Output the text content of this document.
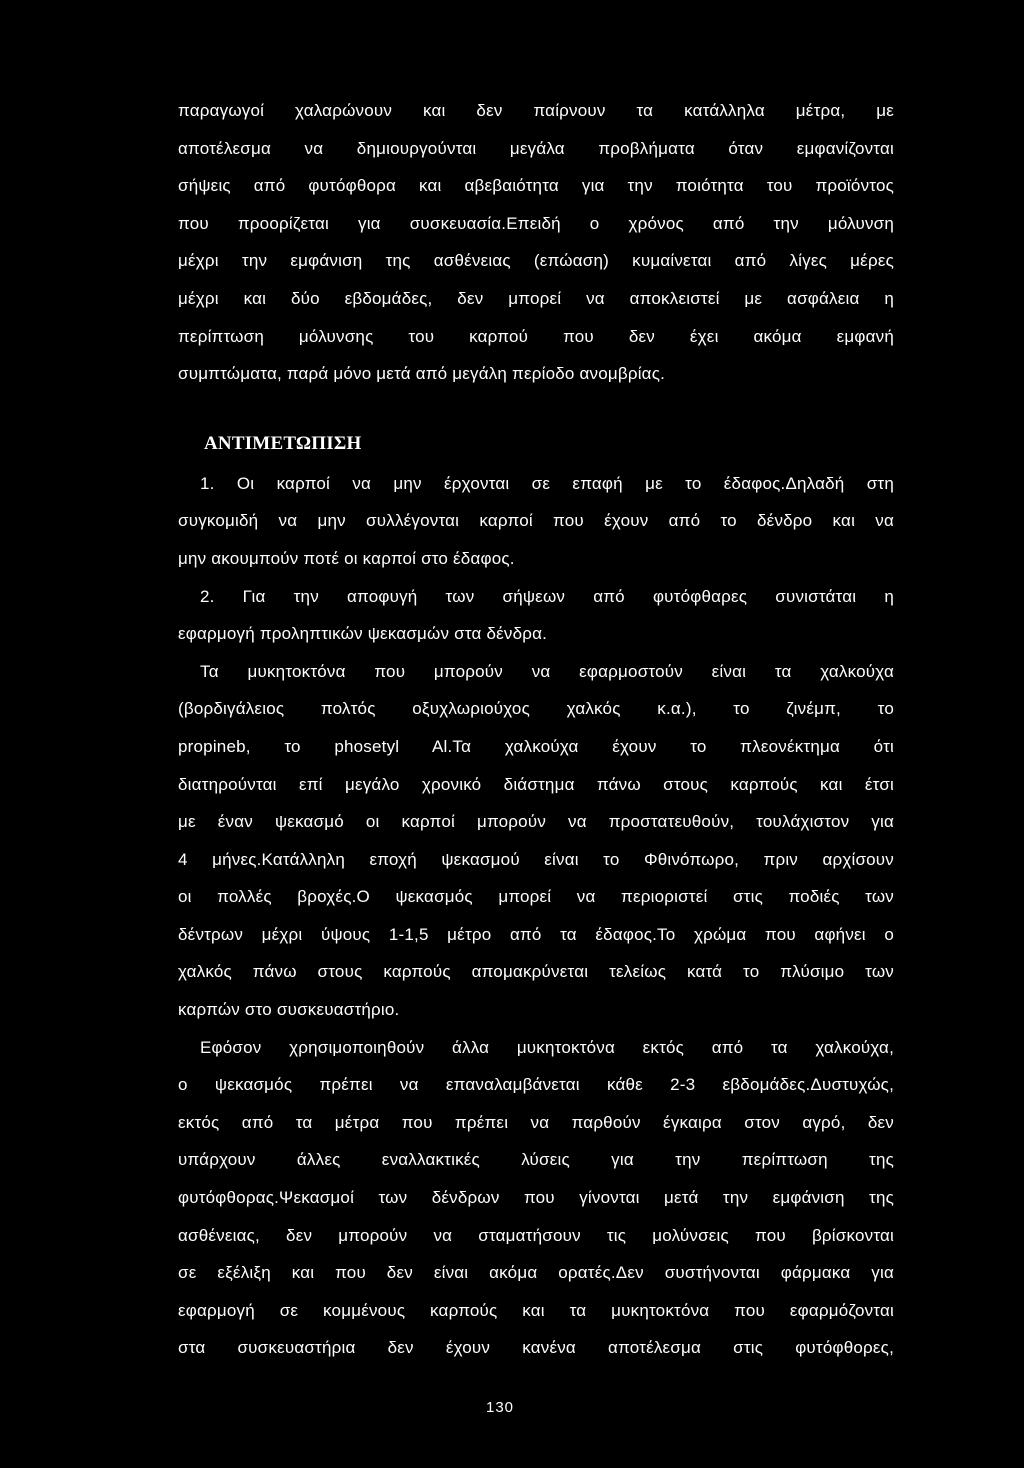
παραγωγοί χαλαρώνουν και δεν παίρνουν τα κατάλληλα μέτρα, με
αποτέλεσμα να δημιουργούνται μεγάλα προβλήματα όταν εμφανίζονται
σήψεις από φυτόφθορα και αβεβαιότητα για την ποιότητα του προϊόντος
που προορίζεται για συσκευασία.Επειδή ο χρόνος από την μόλυνση
μέχρι την εμφάνιση της ασθένειας (επώαση) κυμαίνεται από λίγες μέρες
μέχρι και δύο εβδομάδες, δεν μπορεί να αποκλειστεί με ασφάλεια η
περίπτωση μόλυνσης του καρπού που δεν έχει ακόμα εμφανή
συμπτώματα, παρά μόνο μετά από μεγάλη περίοδο ανομβρίας.
ΑΝΤΙΜΕΤΩΠΙΣΗ
1. Οι καρποί να μην έρχονται σε επαφή με το έδαφος.Δηλαδή στη
συγκομιδή να μην συλλέγονται καρποί που έχουν από το δένδρο και να
μην ακουμπούν ποτέ οι καρποί στο έδαφος.
2. Για την αποφυγή των σήψεων από φυτόφθαρες συνιστάται η
εφαρμογή προληπτικών ψεκασμών στα δένδρα.
Τα μυκητοκτόνα που μπορούν να εφαρμοστούν είναι τα χαλκούχα
(βορδιγάλειος πολτός οξυχλωριούχος χαλκός κ.α.), το ζινέμπ, το
propineb, το phosetyl Al.Τα χαλκούχα έχουν το πλεονέκτημα ότι
διατηρούνται επί μεγάλο χρονικό διάστημα πάνω στους καρπούς και έτσι
με έναν ψεκασμό οι καρποί μπορούν να προστατευθούν, τουλάχιστον για
4 μήνες.Κατάλληλη εποχή ψεκασμού είναι το Φθινόπωρο, πριν αρχίσουν
οι πολλές βροχές.Ο ψεκασμός μπορεί να περιοριστεί στις ποδιές των
δέντρων μέχρι ύψους 1-1,5 μέτρο από τα έδαφος.Το χρώμα που αφήνει ο
χαλκός πάνω στους καρπούς απομακρύνεται τελείως κατά το πλύσιμο των
καρπών στο συσκευαστήριο.
Εφόσον χρησιμοποιηθούν άλλα μυκητοκτόνα εκτός από τα χαλκούχα,
ο ψεκασμός πρέπει να επαναλαμβάνεται κάθε 2-3 εβδομάδες.Δυστυχώς,
εκτός από τα μέτρα που πρέπει να παρθούν έγκαιρα στον αγρό, δεν
υπάρχουν άλλες εναλλακτικές λύσεις για την περίπτωση της
φυτόφθορας.Ψεκασμοί των δένδρων που γίνονται μετά την εμφάνιση της
ασθένειας, δεν μπορούν να σταματήσουν τις μολύνσεις που βρίσκονται
σε εξέλιξη και που δεν είναι ακόμα ορατές.Δεν συστήνονται φάρμακα για
εφαρμογή σε κομμένους καρπούς και τα μυκητοκτόνα που εφαρμόζονται
στα συσκευαστήρια δεν έχουν κανένα αποτέλεσμα στις φυτόφθορες,
130
